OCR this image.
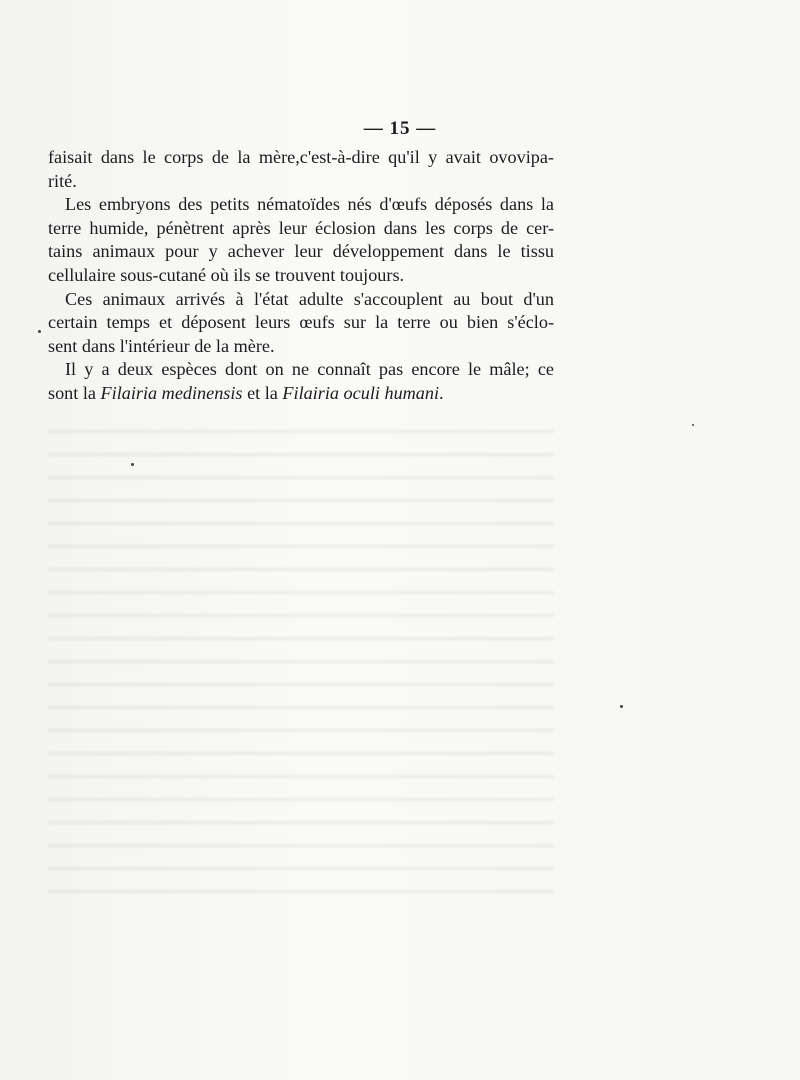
— 15 —
faisait dans le corps de la mère,c'est-à-dire qu'il y avait ovovipa-
rité.
Les embryons des petits nématoïdes nés d'œufs déposés dans la
terre humide, pénètrent après leur éclosion dans les corps de cer-
tains animaux pour y achever leur développement dans le tissu
cellulaire sous-cutané où ils se trouvent toujours.
Ces animaux arrivés à l'état adulte s'accouplent au bout d'un
certain temps et déposent leurs œufs sur la terre ou bien s'éclo-
sent dans l'intérieur de la mère.
Il y a deux espèces dont on ne connaît pas encore le mâle; ce
sont la Filairia medinensis et la Filairia oculi humani.
